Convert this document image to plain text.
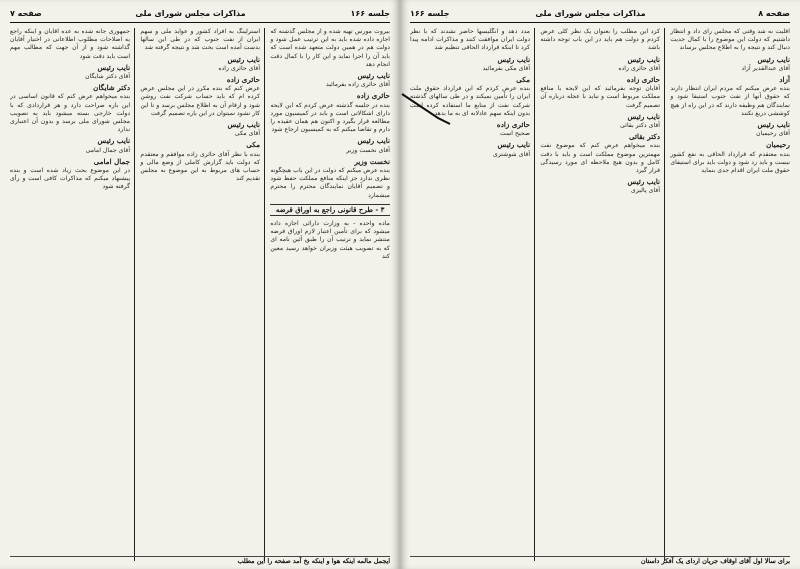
جلسه ۱۶۶
مذاکرات مجلس شورای ملی
صفحه ۷
بیروت مورس تهیه شده و از مجلس گذشته که اجازه داده شده باید به این ترتیب عمل شود و دولت هم در همین دولت متعهد شده است که باید آن را اجرا نماید و این کار را با کمال دقت انجام دهد
نایب رئیس
آقای حائری زاده بفرمائید
حائری زاده
بنده در جلسه گذشته عرض کردم که این لایحه دارای اشکالاتی است و باید در کمیسیون مورد مطالعه قرار بگیرد و اکنون هم همان عقیده را دارم و تقاضا میکنم که به کمیسیون ارجاع شود
نایب رئیس
آقای نخست وزیر
نخست وزیر
بنده عرض میکنم که دولت در این باب هیچگونه نظری ندارد جز اینکه منافع مملکت حفظ شود و تصمیم آقایان نمایندگان محترم را محترم میشمارد
۳ - طرح قانونی راجع به اوراق قرضه
ماده واحده - به وزارت دارائی اجازه داده میشود که برای تأمین اعتبار لازم اوراق قرضه منتشر نماید و ترتیب آن را طبق آئین نامه ای که به تصویب هیئت وزیران خواهد رسید معین کند
استرلینگ به افراد کشور و عواید ملی و سهم ایران از نفت جنوب که در طی این سالها بدست آمده است بحث شد و نتیجه گرفته شد
نایب رئیس
آقای حائری زاده
حائری زاده
عرض کنم که بنده مکرر در این مجلس عرض کرده ام که باید حساب شرکت نفت روشن شود و ارقام آن به اطلاع مجلس برسد و تا این کار نشود نمیتوان در این باره تصمیم گرفت
نایب رئیس
آقای مکی
مکی
بنده با نظر آقای حائری زاده موافقم و معتقدم که دولت باید گزارش کاملی از وضع مالی و حساب های مربوط به این موضوع به مجلس تقدیم کند
جمهوری جانه شده به عده آقایان و اینکه راجع به اصلاحات مطلوب اطلاعاتی در اختیار آقایان گذاشته شود و از آن جهت که مطالب مهم است باید دقت شود
نایب رئیس
آقای دکتر شایگان
دکتر شایگان
بنده میخواهم عرض کنم که قانون اساسی در این باره صراحت دارد و هر قراردادی که با دولت خارجی بسته میشود باید به تصویب مجلس شورای ملی برسد و بدون آن اعتباری ندارد
نایب رئیس
آقای جمال امامی
جمال امامی
در این موضوع بحث زیاد شده است و بنده پیشنهاد میکنم که مذاکرات کافی است و رأی گرفته شود
ایجمل مالمه اینکه هوا و اینکه بخ آمد صفحه را این مطلب
صفحه ۸
مذاکرات مجلس شورای ملی
جلسه ۱۶۶
اقلیت نه شد وقتی که مجلس رای داد و انتظار داشتیم که دولت این موضوع را با کمال جدیت دنبال کند و نتیجه را به اطلاع مجلس برساند
نایب رئیس
آقای عبدالقدیر آزاد
آزاد
بنده عرض میکنم که مردم ایران انتظار دارند که حقوق آنها از نفت جنوب استیفا شود و نمایندگان هم وظیفه دارند که در این راه از هیچ کوششی دریغ نکنند
نایب رئیس
آقای رحیمیان
رحیمیان
بنده معتقدم که قرارداد الحاقی به نفع کشور نیست و باید رد شود و دولت باید برای استیفای حقوق ملت ایران اقدام جدی بنماید
کرد این مطلب را بعنوان یک نظر کلی عرض کردم و دولت هم باید در این باب توجه داشته باشد
نایب رئیس
آقای حائری زاده
حائری زاده
آقایان توجه بفرمائید که این لایحه با منافع مملکت مربوط است و نباید با عجله درباره آن تصمیم گرفت
نایب رئیس
آقای دکتر بقائی
دکتر بقائی
بنده میخواهم عرض کنم که موضوع نفت مهمترین موضوع مملکت است و باید با دقت کامل و بدون هیچ ملاحظه ای مورد رسیدگی قرار گیرد
نایب رئیس
آقای پالیزی
مدد دهد و انگلیسها حاضر نشدند که با نظر دولت ایران موافقت کنند و مذاکرات ادامه پیدا کرد تا اینکه قرارداد الحاقی تنظیم شد
نایب رئیس
آقای مکی بفرمائید
مکی
بنده عرض کردم که این قرارداد حقوق ملت ایران را تأمین نمیکند و در طی سالهای گذشته شرکت نفت از منابع ما استفاده کرده است بدون اینکه سهم عادلانه ای به ما بدهد
حائری زاده
صحیح است
نایب رئیس
آقای شوشتری
برای سالا اول آقای اوقاف جریان اردای یک آفکر داستان
